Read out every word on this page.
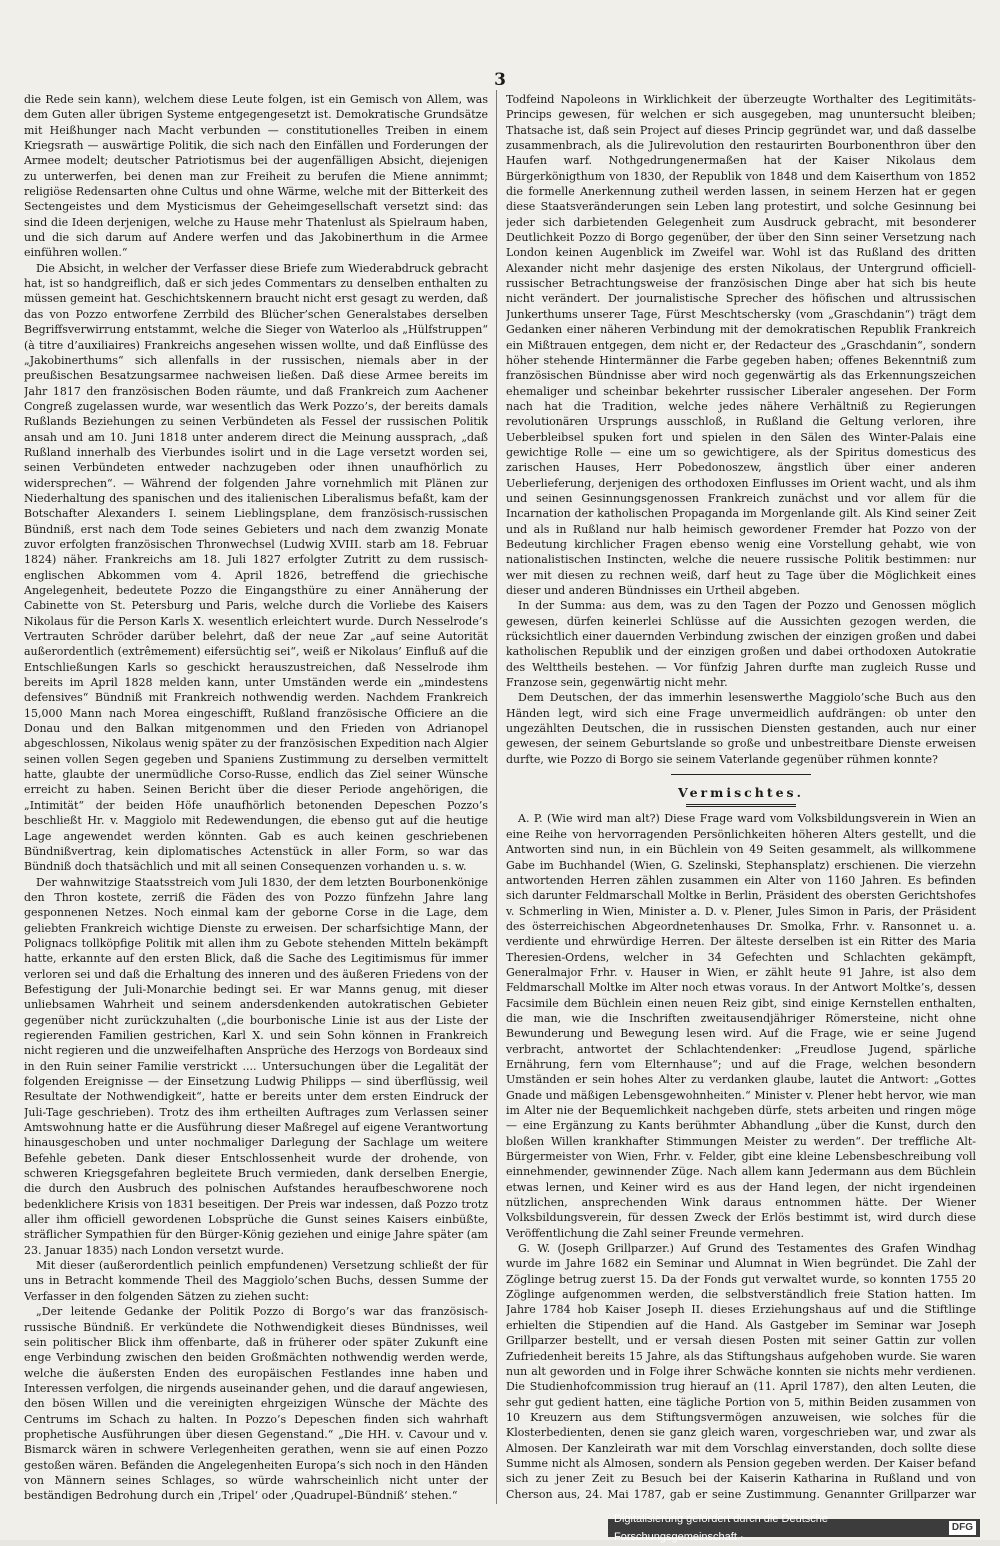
3

die Rede sein kann), welchem diese Leute folgen, ist ein Gemisch von Allem, was dem Guten aller übrigen Systeme entgegengesetzt ist. Demokratische Grundsätze mit Heißhunger nach Macht verbunden — constitutionelles Treiben in einem Kriegsrath — auswärtige Politik, die sich nach den Einfällen und Forderungen der Armee modelt; deutscher Patriotismus bei der augenfälligen Absicht, diejenigen zu unterwerfen, bei denen man zur Freiheit zu berufen die Miene annimmt; religiöse Redensarten ohne Cultus und ohne Wärme, welche mit der Bitterkeit des Sectengeistes und dem Mysticismus der Geheimgesellschaft versetzt sind: das sind die Ideen derjenigen, welche zu Hause mehr Thatenlust als Spielraum haben, und die sich darum auf Andere werfen und das Jakobinerthum in die Armee einführen wollen.“

Die Absicht, in welcher der Verfasser diese Briefe zum Wiederabdruck gebracht hat, ist so handgreiflich, daß er sich jedes Commentars zu denselben enthalten zu müssen gemeint hat. Geschichtskennern braucht nicht erst gesagt zu werden, daß das von Pozzo entworfene Zerrbild des Blücher’schen Generalstabes derselben Begriffsverwirrung entstammt, welche die Sieger von Waterloo als „Hülfstruppen“ (à titre d’auxiliaires) Frankreichs angesehen wissen wollte, und daß Einflüsse des „Jakobinerthums“ sich allenfalls in der russischen, niemals aber in der preußischen Besatzungsarmee nachweisen ließen. Daß diese Armee bereits im Jahr 1817 den französischen Boden räumte, und daß Frankreich zum Aachener Congreß zugelassen wurde, war wesentlich das Werk Pozzo’s, der bereits damals Rußlands Beziehungen zu seinen Verbündeten als Fessel der russischen Politik ansah und am 10. Juni 1818 unter anderem direct die Meinung aussprach, „daß Rußland innerhalb des Vierbundes isolirt und in die Lage versetzt worden sei, seinen Verbündeten entweder nachzugeben oder ihnen unaufhörlich zu widersprechen“. — Während der folgenden Jahre vornehmlich mit Plänen zur Niederhaltung des spanischen und des italienischen Liberalismus befaßt, kam der Botschafter Alexanders I. seinem Lieblingsplane, dem französisch-russischen Bündniß, erst nach dem Tode seines Gebieters und nach dem zwanzig Monate zuvor erfolgten französischen Thronwechsel (Ludwig XVIII. starb am 18. Februar 1824) näher. Frankreichs am 18. Juli 1827 erfolgter Zutritt zu dem russisch-englischen Abkommen vom 4. April 1826, betreffend die griechische Angelegenheit, bedeutete Pozzo die Eingangsthüre zu einer Annäherung der Cabinette von St. Petersburg und Paris, welche durch die Vorliebe des Kaisers Nikolaus für die Person Karls X. wesentlich erleichtert wurde. Durch Nesselrode’s Vertrauten Schröder darüber belehrt, daß der neue Zar „auf seine Autorität außerordentlich (extrêmement) eifersüchtig sei“, weiß er Nikolaus’ Einfluß auf die Entschließungen Karls so geschickt herauszustreichen, daß Nesselrode ihm bereits im April 1828 melden kann, unter Umständen werde ein „mindestens defensives“ Bündniß mit Frankreich nothwendig werden. Nachdem Frankreich 15,000 Mann nach Morea eingeschifft, Rußland französische Officiere an die Donau und den Balkan mitgenommen und den Frieden von Adrianopel abgeschlossen, Nikolaus wenig später zu der französischen Expedition nach Algier seinen vollen Segen gegeben und Spaniens Zustimmung zu derselben vermittelt hatte, glaubte der unermüdliche Corso-Russe, endlich das Ziel seiner Wünsche erreicht zu haben. Seinen Bericht über die dieser Periode angehörigen, die „Intimität“ der beiden Höfe unaufhörlich betonenden Depeschen Pozzo’s beschließt Hr. v. Maggiolo mit Redewendungen, die ebenso gut auf die heutige Lage angewendet werden könnten. Gab es auch keinen geschriebenen Bündnißvertrag, kein diplomatisches Actenstück in aller Form, so war das Bündniß doch thatsächlich und mit all seinen Consequenzen vorhanden u. s. w.

Der wahnwitzige Staatsstreich vom Juli 1830, der dem letzten Bourbonenkönige den Thron kostete, zerriß die Fäden des von Pozzo fünfzehn Jahre lang gesponnenen Netzes. Noch einmal kam der geborne Corse in die Lage, dem geliebten Frankreich wichtige Dienste zu erweisen. Der scharfsichtige Mann, der Polignacs tollköpfige Politik mit allen ihm zu Gebote stehenden Mitteln bekämpft hatte, erkannte auf den ersten Blick, daß die Sache des Legitimismus für immer verloren sei und daß die Erhaltung des inneren und des äußeren Friedens von der Befestigung der Juli-Monarchie bedingt sei. Er war Manns genug, mit dieser unliebsamen Wahrheit und seinem andersdenkenden autokratischen Gebieter gegenüber nicht zurückzuhalten („die bourbonische Linie ist aus der Liste der regierenden Familien gestrichen, Karl X. und sein Sohn können in Frankreich nicht regieren und die unzweifelhaften Ansprüche des Herzogs von Bordeaux sind in den Ruin seiner Familie verstrickt .... Untersuchungen über die Legalität der folgenden Ereignisse — der Einsetzung Ludwig Philipps — sind überflüssig, weil Resultate der Nothwendigkeit“, hatte er bereits unter dem ersten Eindruck der Juli-Tage geschrieben). Trotz des ihm ertheilten Auftrages zum Verlassen seiner Amtswohnung hatte er die Ausführung dieser Maßregel auf eigene Verantwortung hinausgeschoben und unter nochmaliger Darlegung der Sachlage um weitere Befehle gebeten. Dank dieser Entschlossenheit wurde der drohende, von schweren Kriegsgefahren begleitete Bruch vermieden, dank derselben Energie, die durch den Ausbruch des polnischen Aufstandes heraufbeschworene noch bedenklichere Krisis von 1831 beseitigen. Der Preis war indessen, daß Pozzo trotz aller ihm officiell gewordenen Lobsprüche die Gunst seines Kaisers einbüßte, sträflicher Sympathien für den Bürger-König geziehen und einige Jahre später (am 23. Januar 1835) nach London versetzt wurde.

Mit dieser (außerordentlich peinlich empfundenen) Versetzung schließt der für uns in Betracht kommende Theil des Maggiolo’schen Buchs, dessen Summe der Verfasser in den folgenden Sätzen zu ziehen sucht:

„Der leitende Gedanke der Politik Pozzo di Borgo’s war das französisch-russische Bündniß. Er verkündete die Nothwendigkeit dieses Bündnisses, weil sein politischer Blick ihm offenbarte, daß in früherer oder später Zukunft eine enge Verbindung zwischen den beiden Großmächten nothwendig werden werde, welche die äußersten Enden des europäischen Festlandes inne haben und Interessen verfolgen, die nirgends auseinander gehen, und die darauf angewiesen, den bösen Willen und die vereinigten ehrgeizigen Wünsche der Mächte des Centrums im Schach zu halten. In Pozzo’s Depeschen finden sich wahrhaft prophetische Ausführungen über diesen Gegenstand.“ „Die HH. v. Cavour und v. Bismarck wären in schwere Verlegenheiten gerathen, wenn sie auf einen Pozzo gestoßen wären. Befänden die Angelegenheiten Europa’s sich noch in den Händen von Männern seines Schlages, so würde wahrscheinlich nicht unter der beständigen Bedrohung durch ein ‚Tripel‘ oder ‚Quadrupel-Bündniß‘ stehen.“

Todfeind Napoleons in Wirklichkeit der überzeugte Worthalter des Legitimitäts-Princips gewesen, für welchen er sich ausgegeben, mag ununtersucht bleiben; Thatsache ist, daß sein Project auf dieses Princip gegründet war, und daß dasselbe zusammenbrach, als die Julirevolution den restaurirten Bourbonenthron über den Haufen warf. Nothgedrungenermaßen hat der Kaiser Nikolaus dem Bürgerkönigthum von 1830, der Republik von 1848 und dem Kaiserthum von 1852 die formelle Anerkennung zutheil werden lassen, in seinem Herzen hat er gegen diese Staatsveränderungen sein Leben lang protestirt, und solche Gesinnung bei jeder sich darbietenden Gelegenheit zum Ausdruck gebracht, mit besonderer Deutlichkeit Pozzo di Borgo gegenüber, der über den Sinn seiner Versetzung nach London keinen Augenblick im Zweifel war. Wohl ist das Rußland des dritten Alexander nicht mehr dasjenige des ersten Nikolaus, der Untergrund officiell-russischer Betrachtungsweise der französischen Dinge aber hat sich bis heute nicht verändert. Der journalistische Sprecher des höfischen und altrussischen Junkerthums unserer Tage, Fürst Meschtschersky (vom „Graschdanin“) trägt dem Gedanken einer näheren Verbindung mit der demokratischen Republik Frankreich ein Mißtrauen entgegen, dem nicht er, der Redacteur des „Graschdanin“, sondern höher stehende Hintermänner die Farbe gegeben haben; offenes Bekenntniß zum französischen Bündnisse aber wird noch gegenwärtig als das Erkennungszeichen ehemaliger und scheinbar bekehrter russischer Liberaler angesehen. Der Form nach hat die Tradition, welche jedes nähere Verhältniß zu Regierungen revolutionären Ursprungs ausschloß, in Rußland die Geltung verloren, ihre Ueberbleibsel spuken fort und spielen in den Sälen des Winter-Palais eine gewichtige Rolle — eine um so gewichtigere, als der Spiritus domesticus des zarischen Hauses, Herr Pobedonoszew, ängstlich über einer anderen Ueberlieferung, derjenigen des orthodoxen Einflusses im Orient wacht, und als ihm und seinen Gesinnungsgenossen Frankreich zunächst und vor allem für die Incarnation der katholischen Propaganda im Morgenlande gilt. Als Kind seiner Zeit und als in Rußland nur halb heimisch gewordener Fremder hat Pozzo von der Bedeutung kirchlicher Fragen ebenso wenig eine Vorstellung gehabt, wie von nationalistischen Instincten, welche die neuere russische Politik bestimmen: nur wer mit diesen zu rechnen weiß, darf heut zu Tage über die Möglichkeit eines dieser und anderen Bündnisses ein Urtheil abgeben.

In der Summa: aus dem, was zu den Tagen der Pozzo und Genossen möglich gewesen, dürfen keinerlei Schlüsse auf die Aussichten gezogen werden, die rücksichtlich einer dauernden Verbindung zwischen der einzigen großen und dabei katholischen Republik und der einzigen großen und dabei orthodoxen Autokratie des Welttheils bestehen. — Vor fünfzig Jahren durfte man zugleich Russe und Franzose sein, gegenwärtig nicht mehr.

Dem Deutschen, der das immerhin lesenswerthe Maggiolo’sche Buch aus den Händen legt, wird sich eine Frage unvermeidlich aufdrängen: ob unter den ungezählten Deutschen, die in russischen Diensten gestanden, auch nur einer gewesen, der seinem Geburtslande so große und unbestreitbare Dienste erweisen durfte, wie Pozzo di Borgo sie seinem Vaterlande gegenüber rühmen konnte?

Vermischtes.

A. P. (Wie wird man alt?) Diese Frage ward vom Volksbildungsverein in Wien an eine Reihe von hervorragenden Persönlichkeiten höheren Alters gestellt, und die Antworten sind nun, in ein Büchlein von 49 Seiten gesammelt, als willkommene Gabe im Buchhandel (Wien, G. Szelinski, Stephansplatz) erschienen. Die vierzehn antwortenden Herren zählen zusammen ein Alter von 1160 Jahren. Es befinden sich darunter Feldmarschall Moltke in Berlin, Präsident des obersten Gerichtshofes v. Schmerling in Wien, Minister a. D. v. Plener, Jules Simon in Paris, der Präsident des österreichischen Abgeordnetenhauses Dr. Smolka, Frhr. v. Ransonnet u. a. verdiente und ehrwürdige Herren. Der älteste derselben ist ein Ritter des Maria Theresien-Ordens, welcher in 34 Gefechten und Schlachten gekämpft, Generalmajor Frhr. v. Hauser in Wien, er zählt heute 91 Jahre, ist also dem Feldmarschall Moltke im Alter noch etwas voraus. In der Antwort Moltke’s, dessen Facsimile dem Büchlein einen neuen Reiz gibt, sind einige Kernstellen enthalten, die man, wie die Inschriften zweitausendjähriger Römersteine, nicht ohne Bewunderung und Bewegung lesen wird. Auf die Frage, wie er seine Jugend verbracht, antwortet der Schlachtendenker: „Freudlose Jugend, spärliche Ernährung, fern vom Elternhause“; und auf die Frage, welchen besondern Umständen er sein hohes Alter zu verdanken glaube, lautet die Antwort: „Gottes Gnade und mäßigen Lebensgewohnheiten.“ Minister v. Plener hebt hervor, wie man im Alter nie der Bequemlichkeit nachgeben dürfe, stets arbeiten und ringen möge — eine Ergänzung zu Kants berühmter Abhandlung „über die Kunst, durch den bloßen Willen krankhafter Stimmungen Meister zu werden“. Der treffliche Alt-Bürgermeister von Wien, Frhr. v. Felder, gibt eine kleine Lebensbeschreibung voll einnehmender, gewinnender Züge. Nach allem kann Jedermann aus dem Büchlein etwas lernen, und Keiner wird es aus der Hand legen, der nicht irgendeinen nützlichen, ansprechenden Wink daraus entnommen hätte. Der Wiener Volksbildungsverein, für dessen Zweck der Erlös bestimmt ist, wird durch diese Veröffentlichung die Zahl seiner Freunde vermehren.

G. W. (Joseph Grillparzer.) Auf Grund des Testamentes des Grafen Windhag wurde im Jahre 1682 ein Seminar und Alumnat in Wien begründet. Die Zahl der Zöglinge betrug zuerst 15. Da der Fonds gut verwaltet wurde, so konnten 1755 20 Zöglinge aufgenommen werden, die selbstverständlich freie Station hatten. Im Jahre 1784 hob Kaiser Joseph II. dieses Erziehungshaus auf und die Stiftlinge erhielten die Stipendien auf die Hand. Als Gastgeber im Seminar war Joseph Grillparzer bestellt, und er versah diesen Posten mit seiner Gattin zur vollen Zufriedenheit bereits 15 Jahre, als das Stiftungshaus aufgehoben wurde. Sie waren nun alt geworden und in Folge ihrer Schwäche konnten sie nichts mehr verdienen. Die Studienhofcommission trug hierauf an (11. April 1787), den alten Leuten, die sehr gut gedient hatten, eine tägliche Portion von 5, mithin Beiden zusammen von 10 Kreuzern aus dem Stiftungsvermögen anzuweisen, wie solches für die Klosterbedienten, denen sie ganz gleich waren, vorgeschrieben war, und zwar als Almosen. Der Kanzleirath war mit dem Vorschlag einverstanden, doch sollte diese Summe nicht als Almosen, sondern als Pension gegeben werden. Der Kaiser befand sich zu jener Zeit zu Besuch bei der Kaiserin Katharina in Rußland und von Cherson aus, 24. Mai 1787, gab er seine Zustimmung. Genannter Grillparzer war

Digitalisierung gefördert durch die Deutsche Forschungsgemeinschaft ·
DFG
